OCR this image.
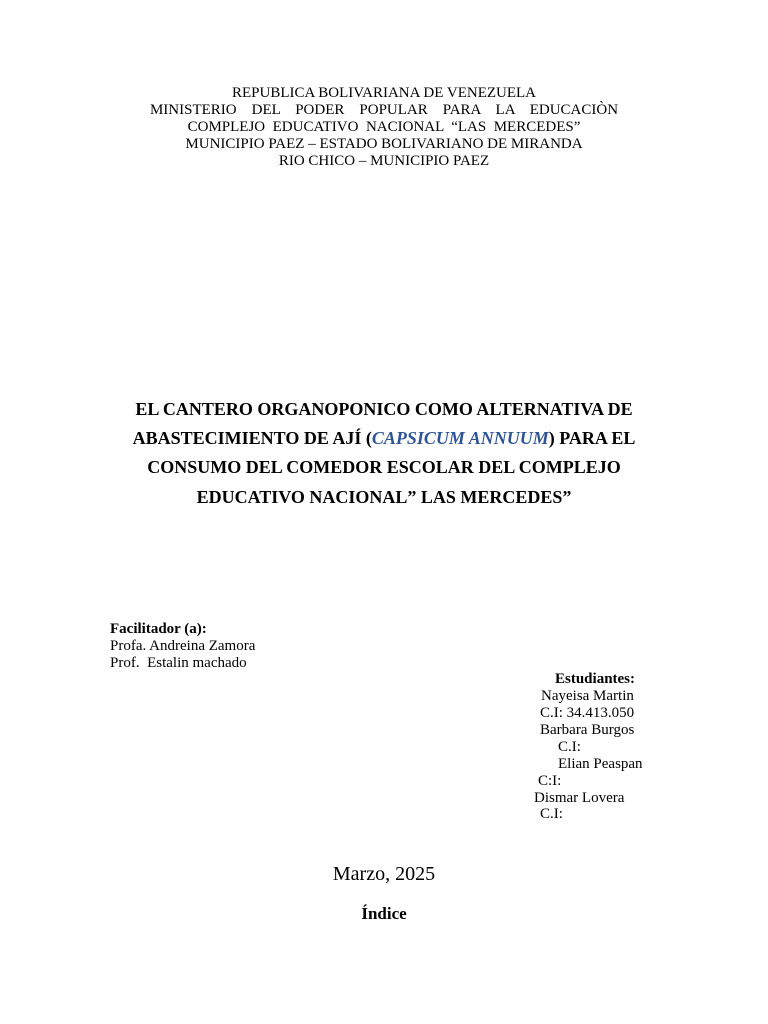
REPUBLICA BOLIVARIANA DE VENEZUELA
MINISTERIO    DEL    PODER    POPULAR    PARA    LA    EDUCACIÒN
COMPLEJO  EDUCATIVO  NACIONAL  “LAS  MERCEDES”
MUNICIPIO PAEZ – ESTADO BOLIVARIANO DE MIRANDA
RIO CHICO – MUNICIPIO PAEZ
EL CANTERO ORGANOPONICO COMO ALTERNATIVA DE
ABASTECIMIENTO DE AJÍ (CAPSICUM ANNUUM) PARA EL
CONSUMO DEL COMEDOR ESCOLAR DEL COMPLEJO
EDUCATIVO NACIONAL” LAS MERCEDES”
Facilitador (a):
Profa. Andreina Zamora
Prof.  Estalin machado
Estudiantes:
Nayeisa Martin
C.I: 34.413.050
Barbara Burgos
C.I:
Elian Peaspan
C:I:
Dismar Lovera
C.I:
Marzo, 2025
Índice
